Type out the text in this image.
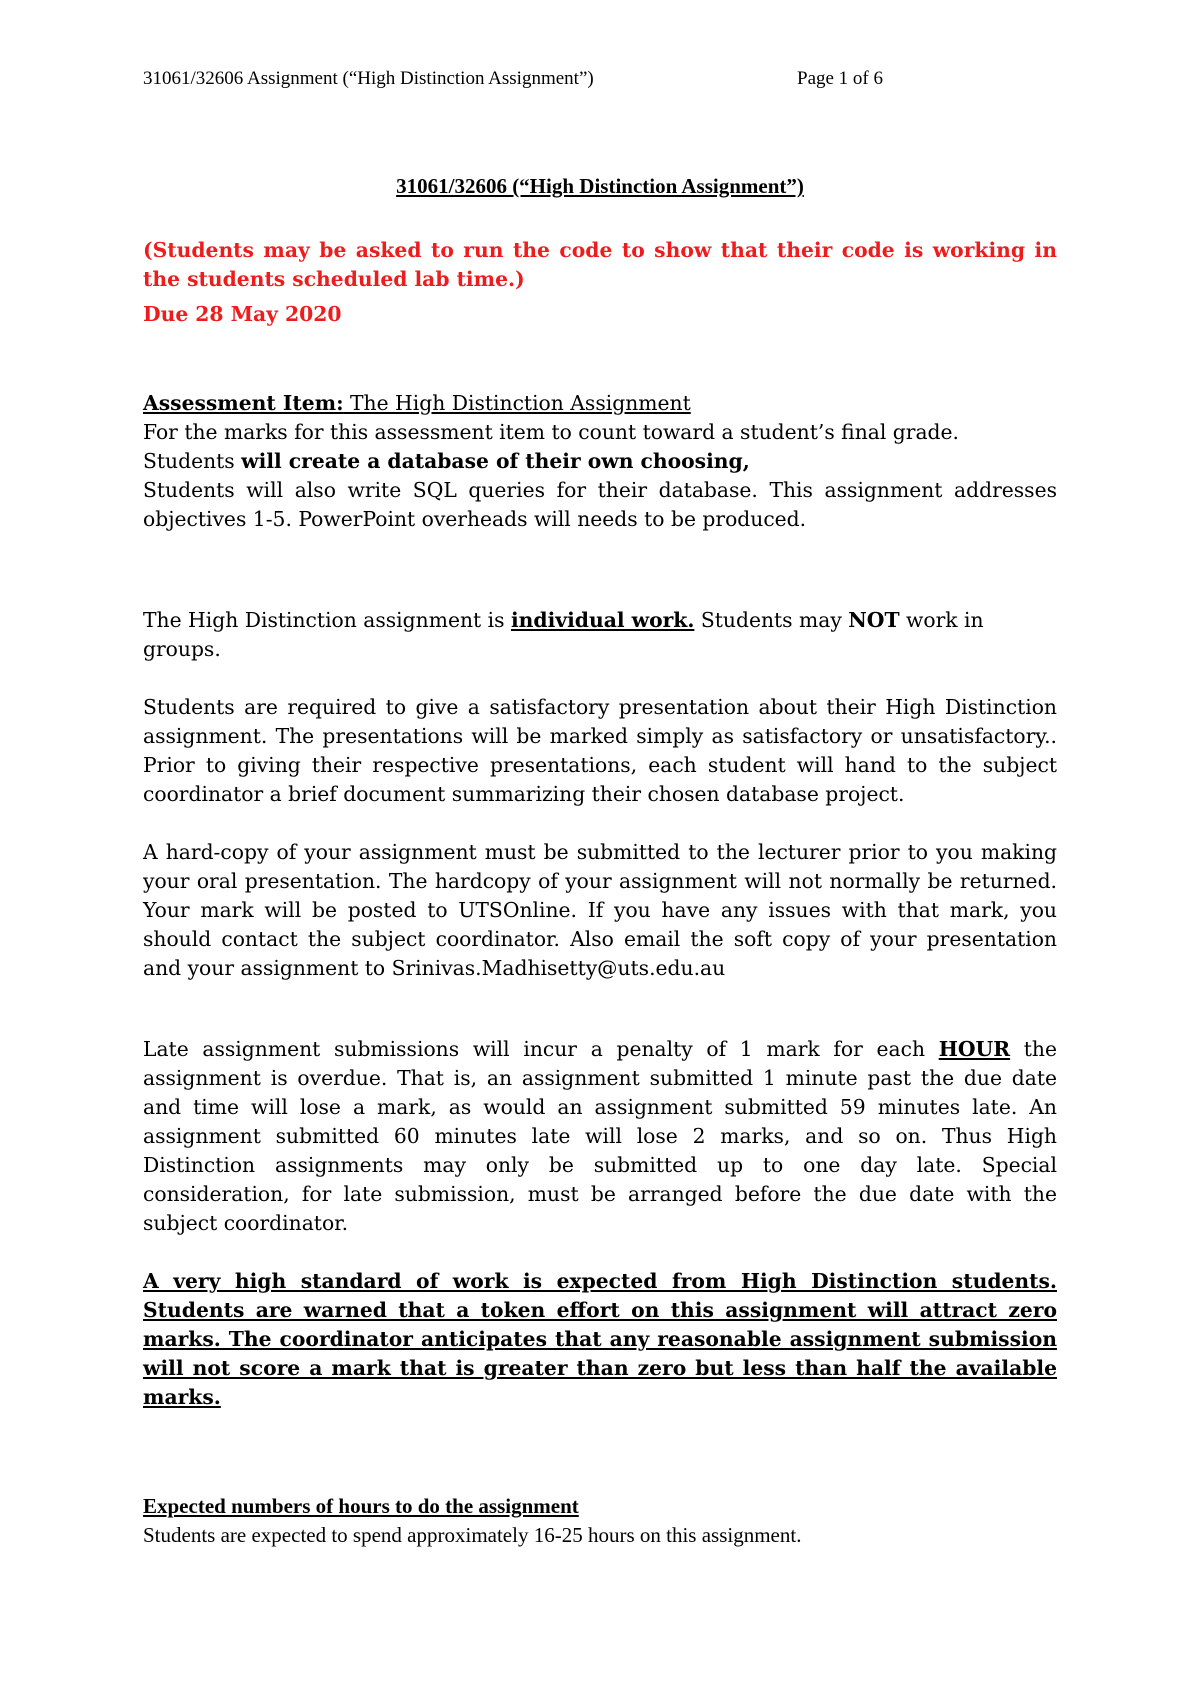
31061/32606 Assignment (“High Distinction Assignment”)	Page 1 of 6

31061/32606 (“High Distinction Assignment”)

(Students may be asked to run the code to show that their code is working in the students scheduled lab time.)

Due 28 May 2020

Assessment Item: The High Distinction Assignment

For the marks for this assessment item to count toward a student’s final grade.

Students will create a database of their own choosing,

Students will also write SQL queries for their database. This assignment addresses objectives 1-5. PowerPoint overheads will needs to be produced.

The High Distinction assignment is individual work. Students may NOT work in groups.

Students are required to give a satisfactory presentation about their High Distinction assignment. The presentations will be marked simply as satisfactory or unsatisfactory.. Prior to giving their respective presentations, each student will hand to the subject coordinator a brief document summarizing their chosen database project.

A hard-copy of your assignment must be submitted to the lecturer prior to you making your oral presentation. The hardcopy of your assignment will not normally be returned. Your mark will be posted to UTSOnline. If you have any issues with that mark, you should contact the subject coordinator. Also email the soft copy of your presentation and your assignment to Srinivas.Madhisetty@uts.edu.au

Late assignment submissions will incur a penalty of 1 mark for each HOUR the assignment is overdue. That is, an assignment submitted 1 minute past the due date and time will lose a mark, as would an assignment submitted 59 minutes late. An assignment submitted 60 minutes late will lose 2 marks, and so on. Thus High Distinction assignments may only be submitted up to one day late. Special consideration, for late submission, must be arranged before the due date with the subject coordinator.

A very high standard of work is expected from High Distinction students. Students are warned that a token effort on this assignment will attract zero marks. The coordinator anticipates that any reasonable assignment submission will not score a mark that is greater than zero but less than half the available marks.

Expected numbers of hours to do the assignment

Students are expected to spend approximately 16-25 hours on this assignment.
